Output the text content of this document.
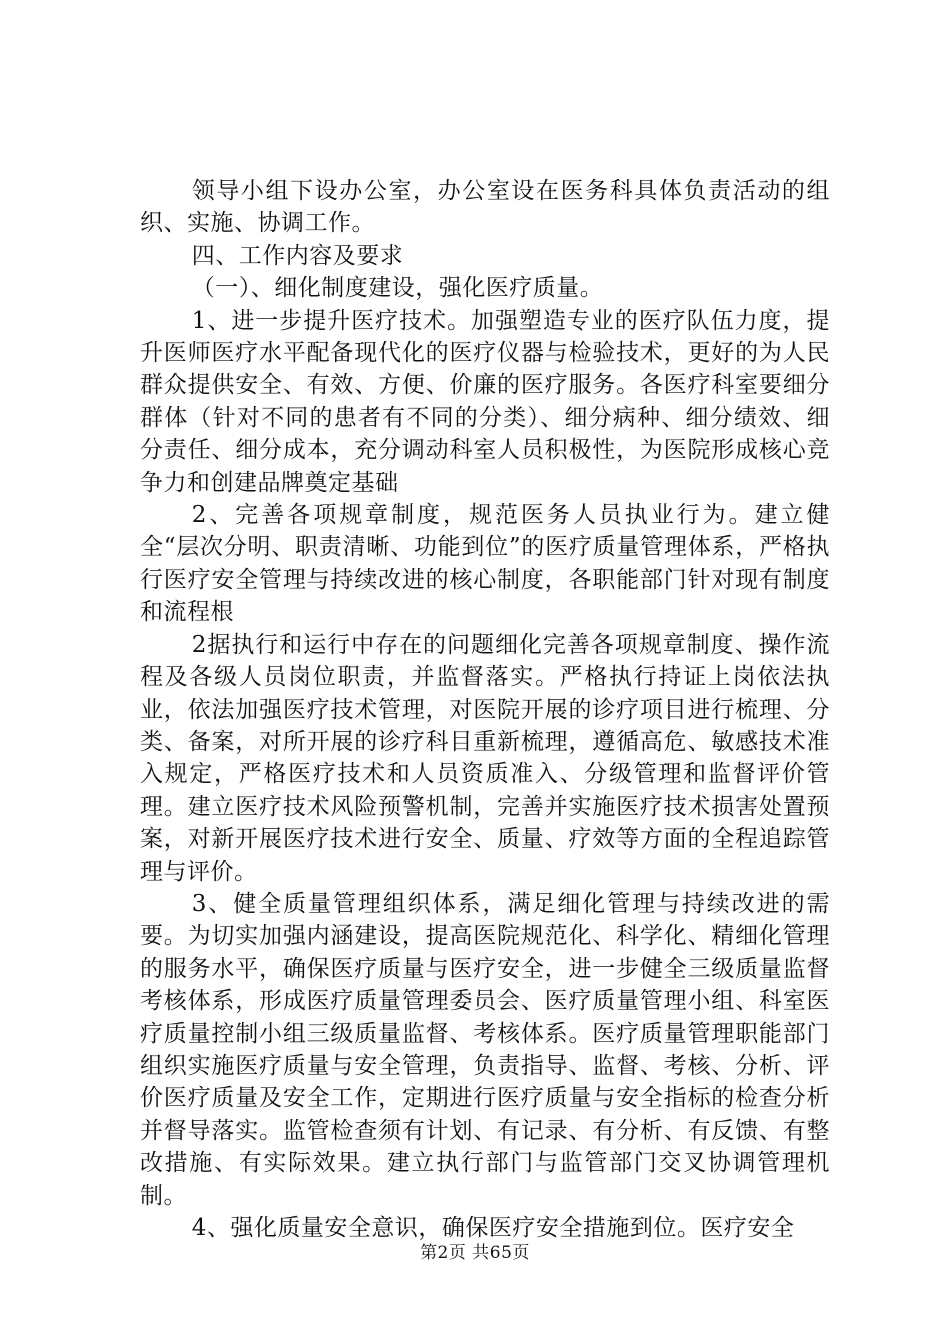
领导小组下设办公室，办公室设在医务科具体负责活动的组织、实施、协调工作。

四、工作内容及要求

（一）、细化制度建设，强化医疗质量。

1、进一步提升医疗技术。加强塑造专业的医疗队伍力度，提升医师医疗水平配备现代化的医疗仪器与检验技术，更好的为人民群众提供安全、有效、方便、价廉的医疗服务。各医疗科室要细分群体（针对不同的患者有不同的分类）、细分病种、细分绩效、细分责任、细分成本，充分调动科室人员积极性，为医院形成核心竞争力和创建品牌奠定基础

2、完善各项规章制度，规范医务人员执业行为。建立健全“层次分明、职责清晰、功能到位”的医疗质量管理体系，严格执行医疗安全管理与持续改进的核心制度，各职能部门针对现有制度和流程根

2据执行和运行中存在的问题细化完善各项规章制度、操作流程及各级人员岗位职责，并监督落实。严格执行持证上岗依法执业，依法加强医疗技术管理，对医院开展的诊疗项目进行梳理、分类、备案，对所开展的诊疗科目重新梳理，遵循高危、敏感技术准入规定，严格医疗技术和人员资质准入、分级管理和监督评价管理。建立医疗技术风险预警机制，完善并实施医疗技术损害处置预案，对新开展医疗技术进行安全、质量、疗效等方面的全程追踪管理与评价。

3、健全质量管理组织体系，满足细化管理与持续改进的需要。为切实加强内涵建设，提高医院规范化、科学化、精细化管理的服务水平，确保医疗质量与医疗安全，进一步健全三级质量监督考核体系，形成医疗质量管理委员会、医疗质量管理小组、科室医疗质量控制小组三级质量监督、考核体系。医疗质量管理职能部门组织实施医疗质量与安全管理，负责指导、监督、考核、分析、评价医疗质量及安全工作，定期进行医疗质量与安全指标的检查分析并督导落实。监管检查须有计划、有记录、有分析、有反馈、有整改措施、有实际效果。建立执行部门与监管部门交叉协调管理机制。

4、强化质量安全意识，确保医疗安全措施到位。医疗安全

第2页 共65页
